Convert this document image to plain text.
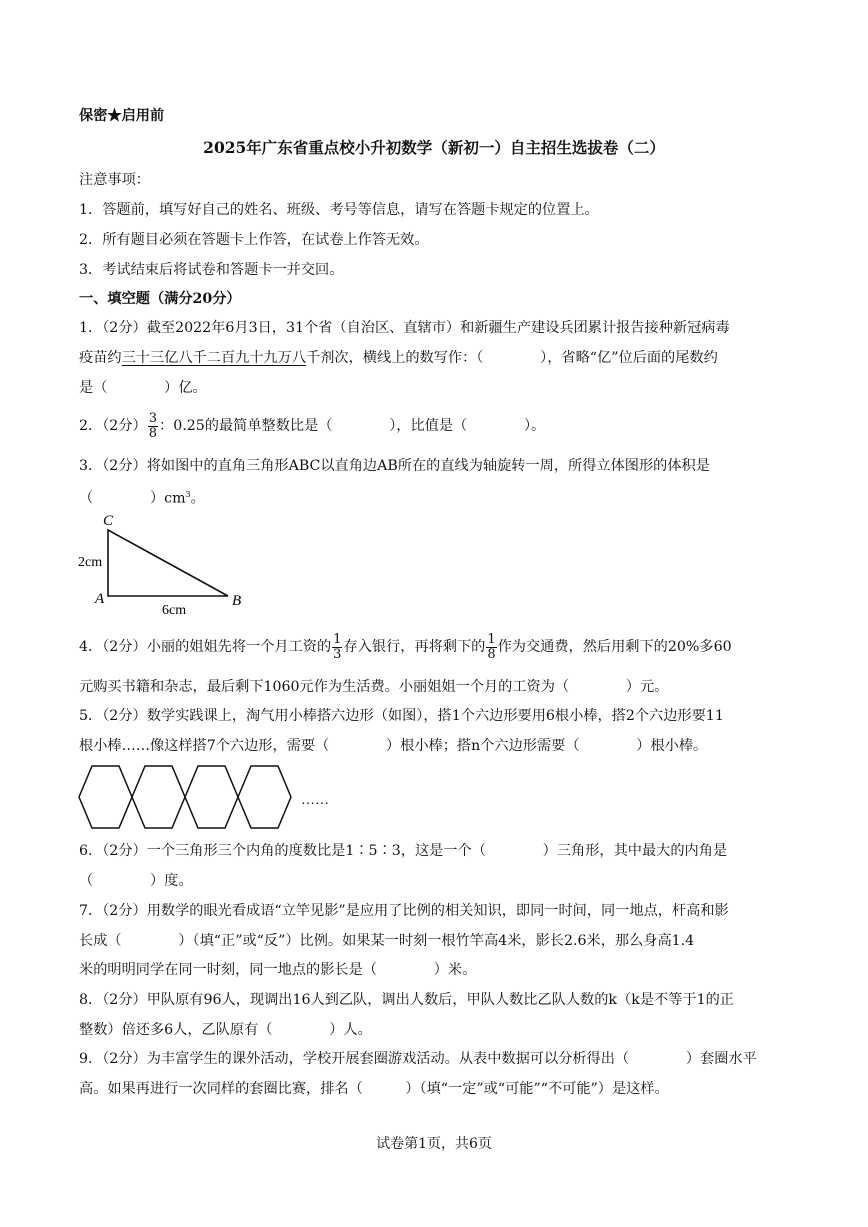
保密★启用前
2025年广东省重点校小升初数学（新初一）自主招生选拔卷（二）
注意事项：
1．答题前，填写好自己的姓名、班级、考号等信息，请写在答题卡规定的位置上。
2．所有题目必须在答题卡上作答，在试卷上作答无效。
3．考试结束后将试卷和答题卡一并交回。
一、填空题（满分20分）
1．（2分）截至2022年6月3日，31个省（自治区、直辖市）和新疆生产建设兵团累计报告接种新冠病毒
疫苗约三十三亿八千二百九十九万八千剂次，横线上的数写作：（　　　　），省略“亿”位后面的尾数约
是（　　　　）亿。
2．（2分） $\frac{3}{8}$ ：0.25的最简单整数比是（　　　　），比值是（　　　　）。
3．（2分）将如图中的直角三角形ABC以直角边AB所在的直线为轴旋转一周，所得立体图形的体积是
（　　　　）$cm^3$。
C
A	B
2cm
6cm
4．（2分）小丽的姐姐先将一个月工资的 $\frac{1}{3}$ 存入银行，再将剩下的 $\frac{1}{8}$ 作为交通费，然后用剩下的20%多60
元购买书籍和杂志，最后剩下1060元作为生活费。小丽姐姐一个月的工资为（　　　　）元。
5．（2分）数学实践课上，淘气用小棒搭六边形（如图），搭1个六边形要用6根小棒，搭2个六边形要11
根小棒……像这样搭7个六边形，需要（　　　　）根小棒；搭n个六边形需要（　　　　）根小棒。
……
6．（2分）一个三角形三个内角的度数比是1∶5∶3，这是一个（　　　　）三角形，其中最大的内角是
（　　　　）度。
7．（2分）用数学的眼光看成语“立竿见影”是应用了比例的相关知识，即同一时间，同一地点，杆高和影
长成（　　　　）（填“正”或“反”）比例。如果某一时刻一根竹竿高4米，影长2.6米，那么身高1.4
米的明明同学在同一时刻，同一地点的影长是（　　　　）米。
8．（2分）甲队原有96人，现调出16人到乙队，调出人数后，甲队人数比乙队人数的k（k是不等于1的正
整数）倍还多6人，乙队原有（　　　　）人。
9．（2分）为丰富学生的课外活动，学校开展套圈游戏活动。从表中数据可以分析得出（　　　　）套圈水平
高。如果再进行一次同样的套圈比赛，排名（　　　）（填“一定”或“可能”“不可能”）是这样。
试卷第1页，共6页
